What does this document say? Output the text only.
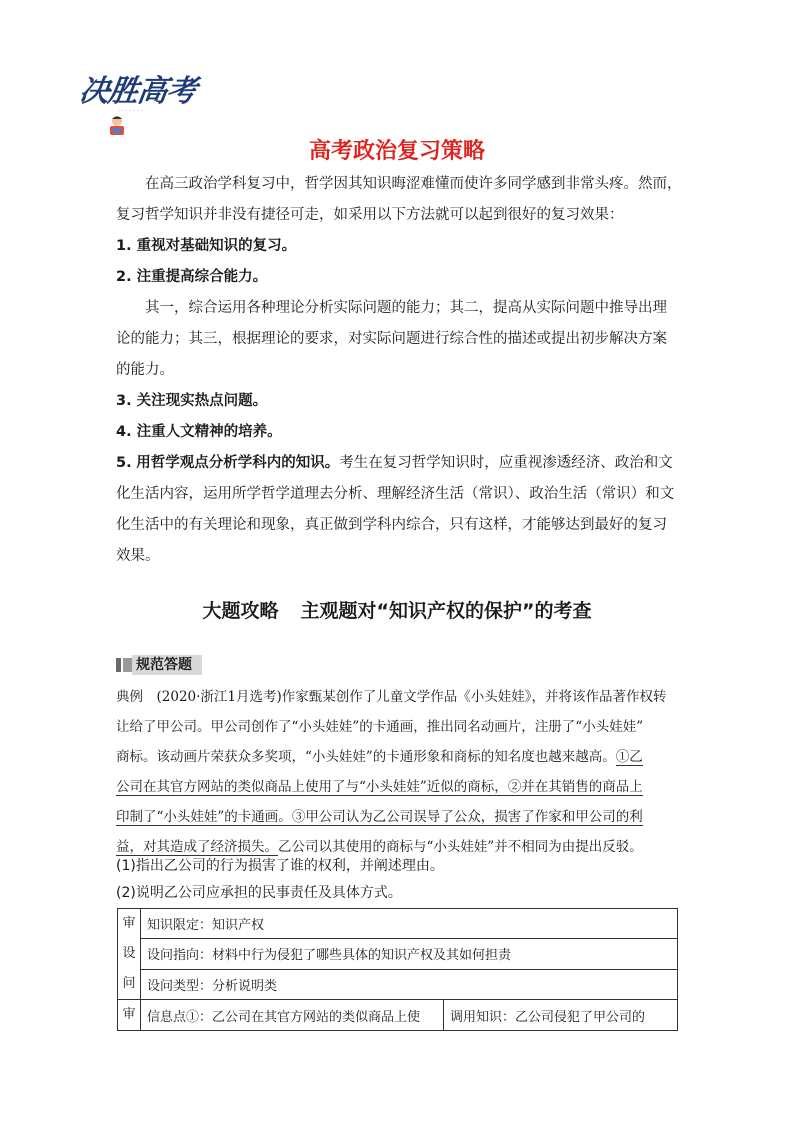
决胜高考
· · · · · · ·
高考政治复习策略
在高三政治学科复习中，哲学因其知识晦涩难懂而使许多同学感到非常头疼。然而，
复习哲学知识并非没有捷径可走，如采用以下方法就可以起到很好的复习效果：
1. 重视对基础知识的复习。
2. 注重提高综合能力。
其一，综合运用各种理论分析实际问题的能力；其二，提高从实际问题中推导出理
论的能力；其三，根据理论的要求，对实际问题进行综合性的描述或提出初步解决方案
的能力。
3. 关注现实热点问题。
4. 注重人文精神的培养。
5. 用哲学观点分析学科内的知识。考生在复习哲学知识时，应重视渗透经济、政治和文
化生活内容，运用所学哲学道理去分析、理解经济生活（常识）、政治生活（常识）和文
化生活中的有关理论和现象，真正做到学科内综合，只有这样，才能够达到最好的复习
效果。
大题攻略 主观题对“知识产权的保护”的考查
规范答题
典例　(2020·浙江1月选考)作家甄某创作了儿童文学作品《小头娃娃》，并将该作品著作权转
让给了甲公司。甲公司创作了“小头娃娃”的卡通画，推出同名动画片，注册了“小头娃娃”
商标。该动画片荣获众多奖项，“小头娃娃”的卡通形象和商标的知名度也越来越高。①乙
公司在其官方网站的类似商品上使用了与“小头娃娃”近似的商标，②并在其销售的商品上
印制了“小头娃娃”的卡通画。③甲公司认为乙公司误导了公众，损害了作家和甲公司的利
益，对其造成了经济损失。乙公司以其使用的商标与“小头娃娃”并不相同为由提出反驳。
(1)指出乙公司的行为损害了谁的权利，并阐述理由。
(2)说明乙公司应承担的民事责任及具体方式。
审
设
问	知识限定：知识产权	
	设问指向：材料中行为侵犯了哪些具体的知识产权及其如何担责	
	设问类型：分析说明类	
审	信息点①：乙公司在其官方网站的类似商品上使	调用知识：乙公司侵犯了甲公司的
